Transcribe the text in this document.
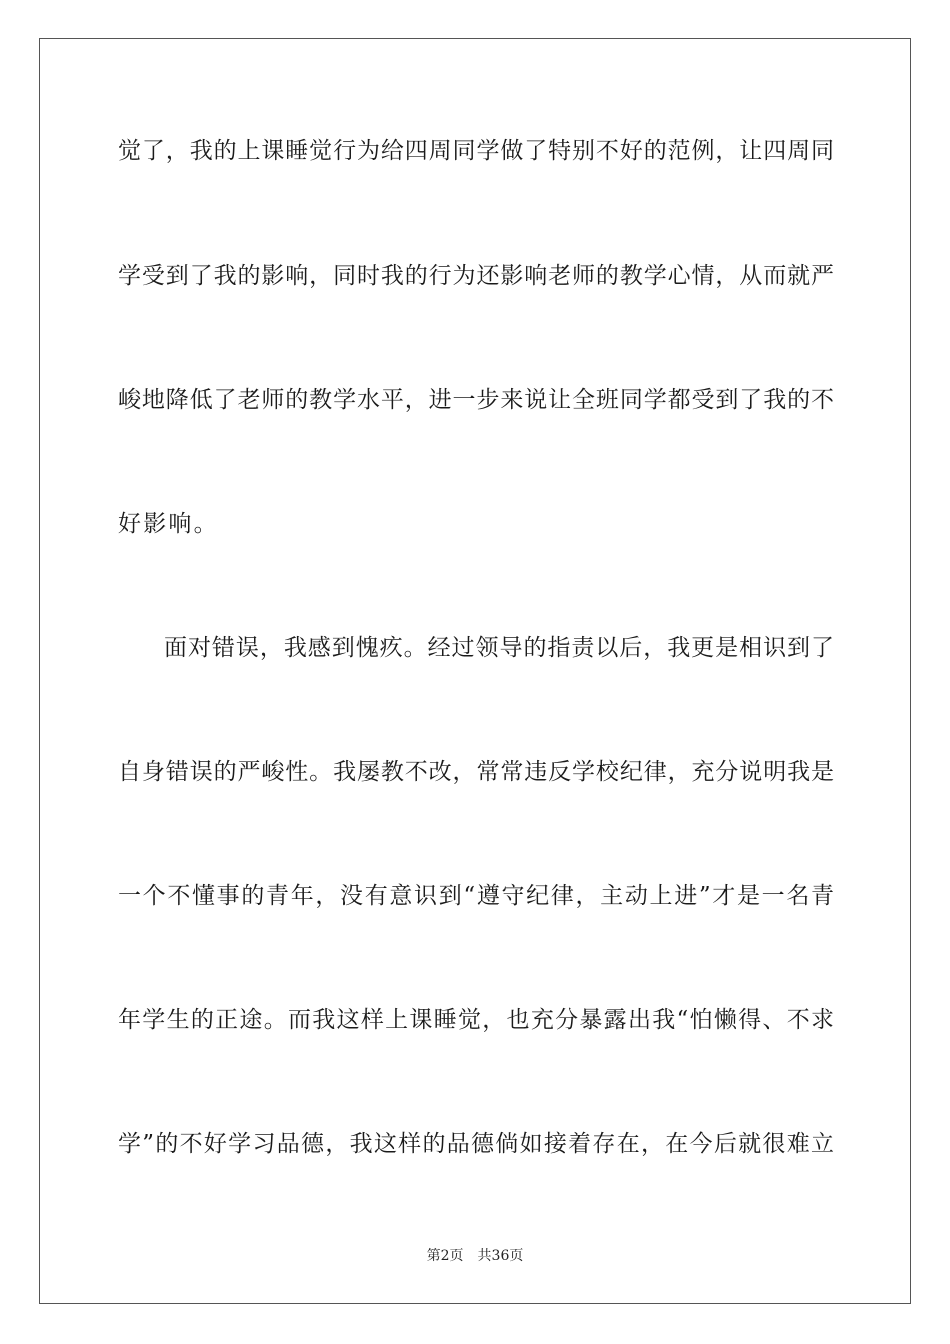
觉了，我的上课睡觉行为给四周同学做了特别不好的范例，让四周同
学受到了我的影响，同时我的行为还影响老师的教学心情，从而就严
峻地降低了老师的教学水平，进一步来说让全班同学都受到了我的不
好影响。
面对错误，我感到愧疚。经过领导的指责以后，我更是相识到了
自身错误的严峻性。我屡教不改，常常违反学校纪律，充分说明我是
一个不懂事的青年，没有意识到“遵守纪律，主动上进”才是一名青
年学生的正途。而我这样上课睡觉，也充分暴露出我“怕懒得、不求
学”的不好学习品德，我这样的品德倘如接着存在，在今后就很难立
第2页 共36页
